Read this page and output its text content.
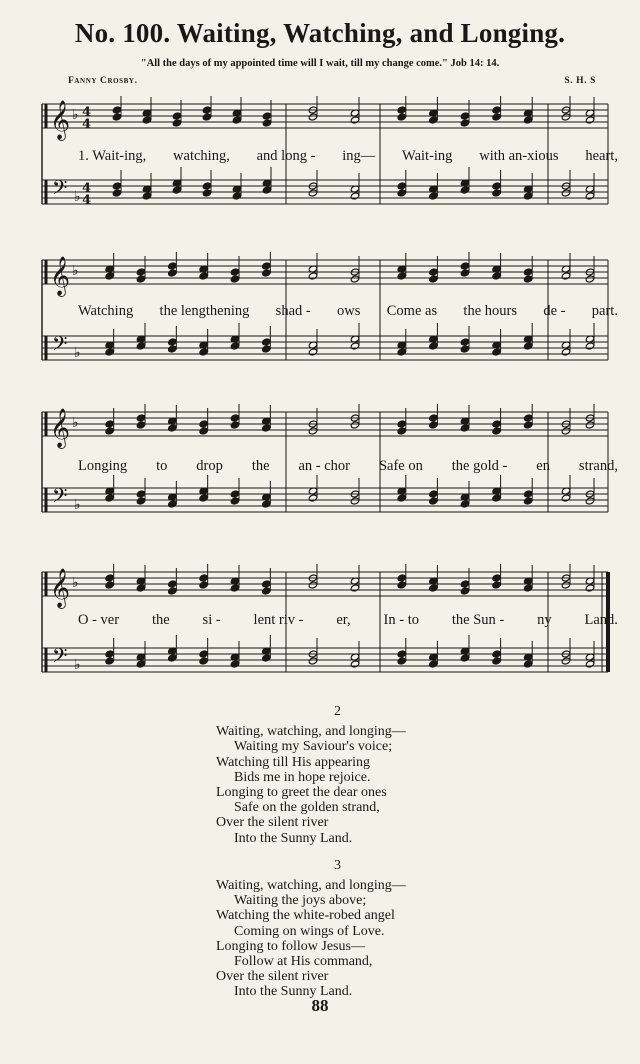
No. 100. Waiting, Watching, and Longing.
"All the days of my appointed time will I wait, till my change come." Job 14: 14.
Fanny Crosby.	S. H. S
𝄞
𝄢
♭
♭
4
4
4
4
1. Wait-ing, watching, and long - ing— Wait-ing with an-xious heart,
𝄞
𝄢
♭
♭
Watching the lengthening shad - ows Come as the hours de - part.
𝄞
𝄢
♭
♭
Longing to drop the an - chor Safe on the gold - en strand,
𝄞
𝄢
♭
♭
O - ver the si - lent riv - er, In - to the Sun - ny Land.
2
Waiting, watching, and longing—
Waiting my Saviour's voice;
Watching till His appearing
Bids me in hope rejoice.
Longing to greet the dear ones
Safe on the golden strand,
Over the silent river
Into the Sunny Land.
3
Waiting, watching, and longing—
Waiting the joys above;
Watching the white-robed angel
Coming on wings of Love.
Longing to follow Jesus—
Follow at His command,
Over the silent river
Into the Sunny Land.
88
